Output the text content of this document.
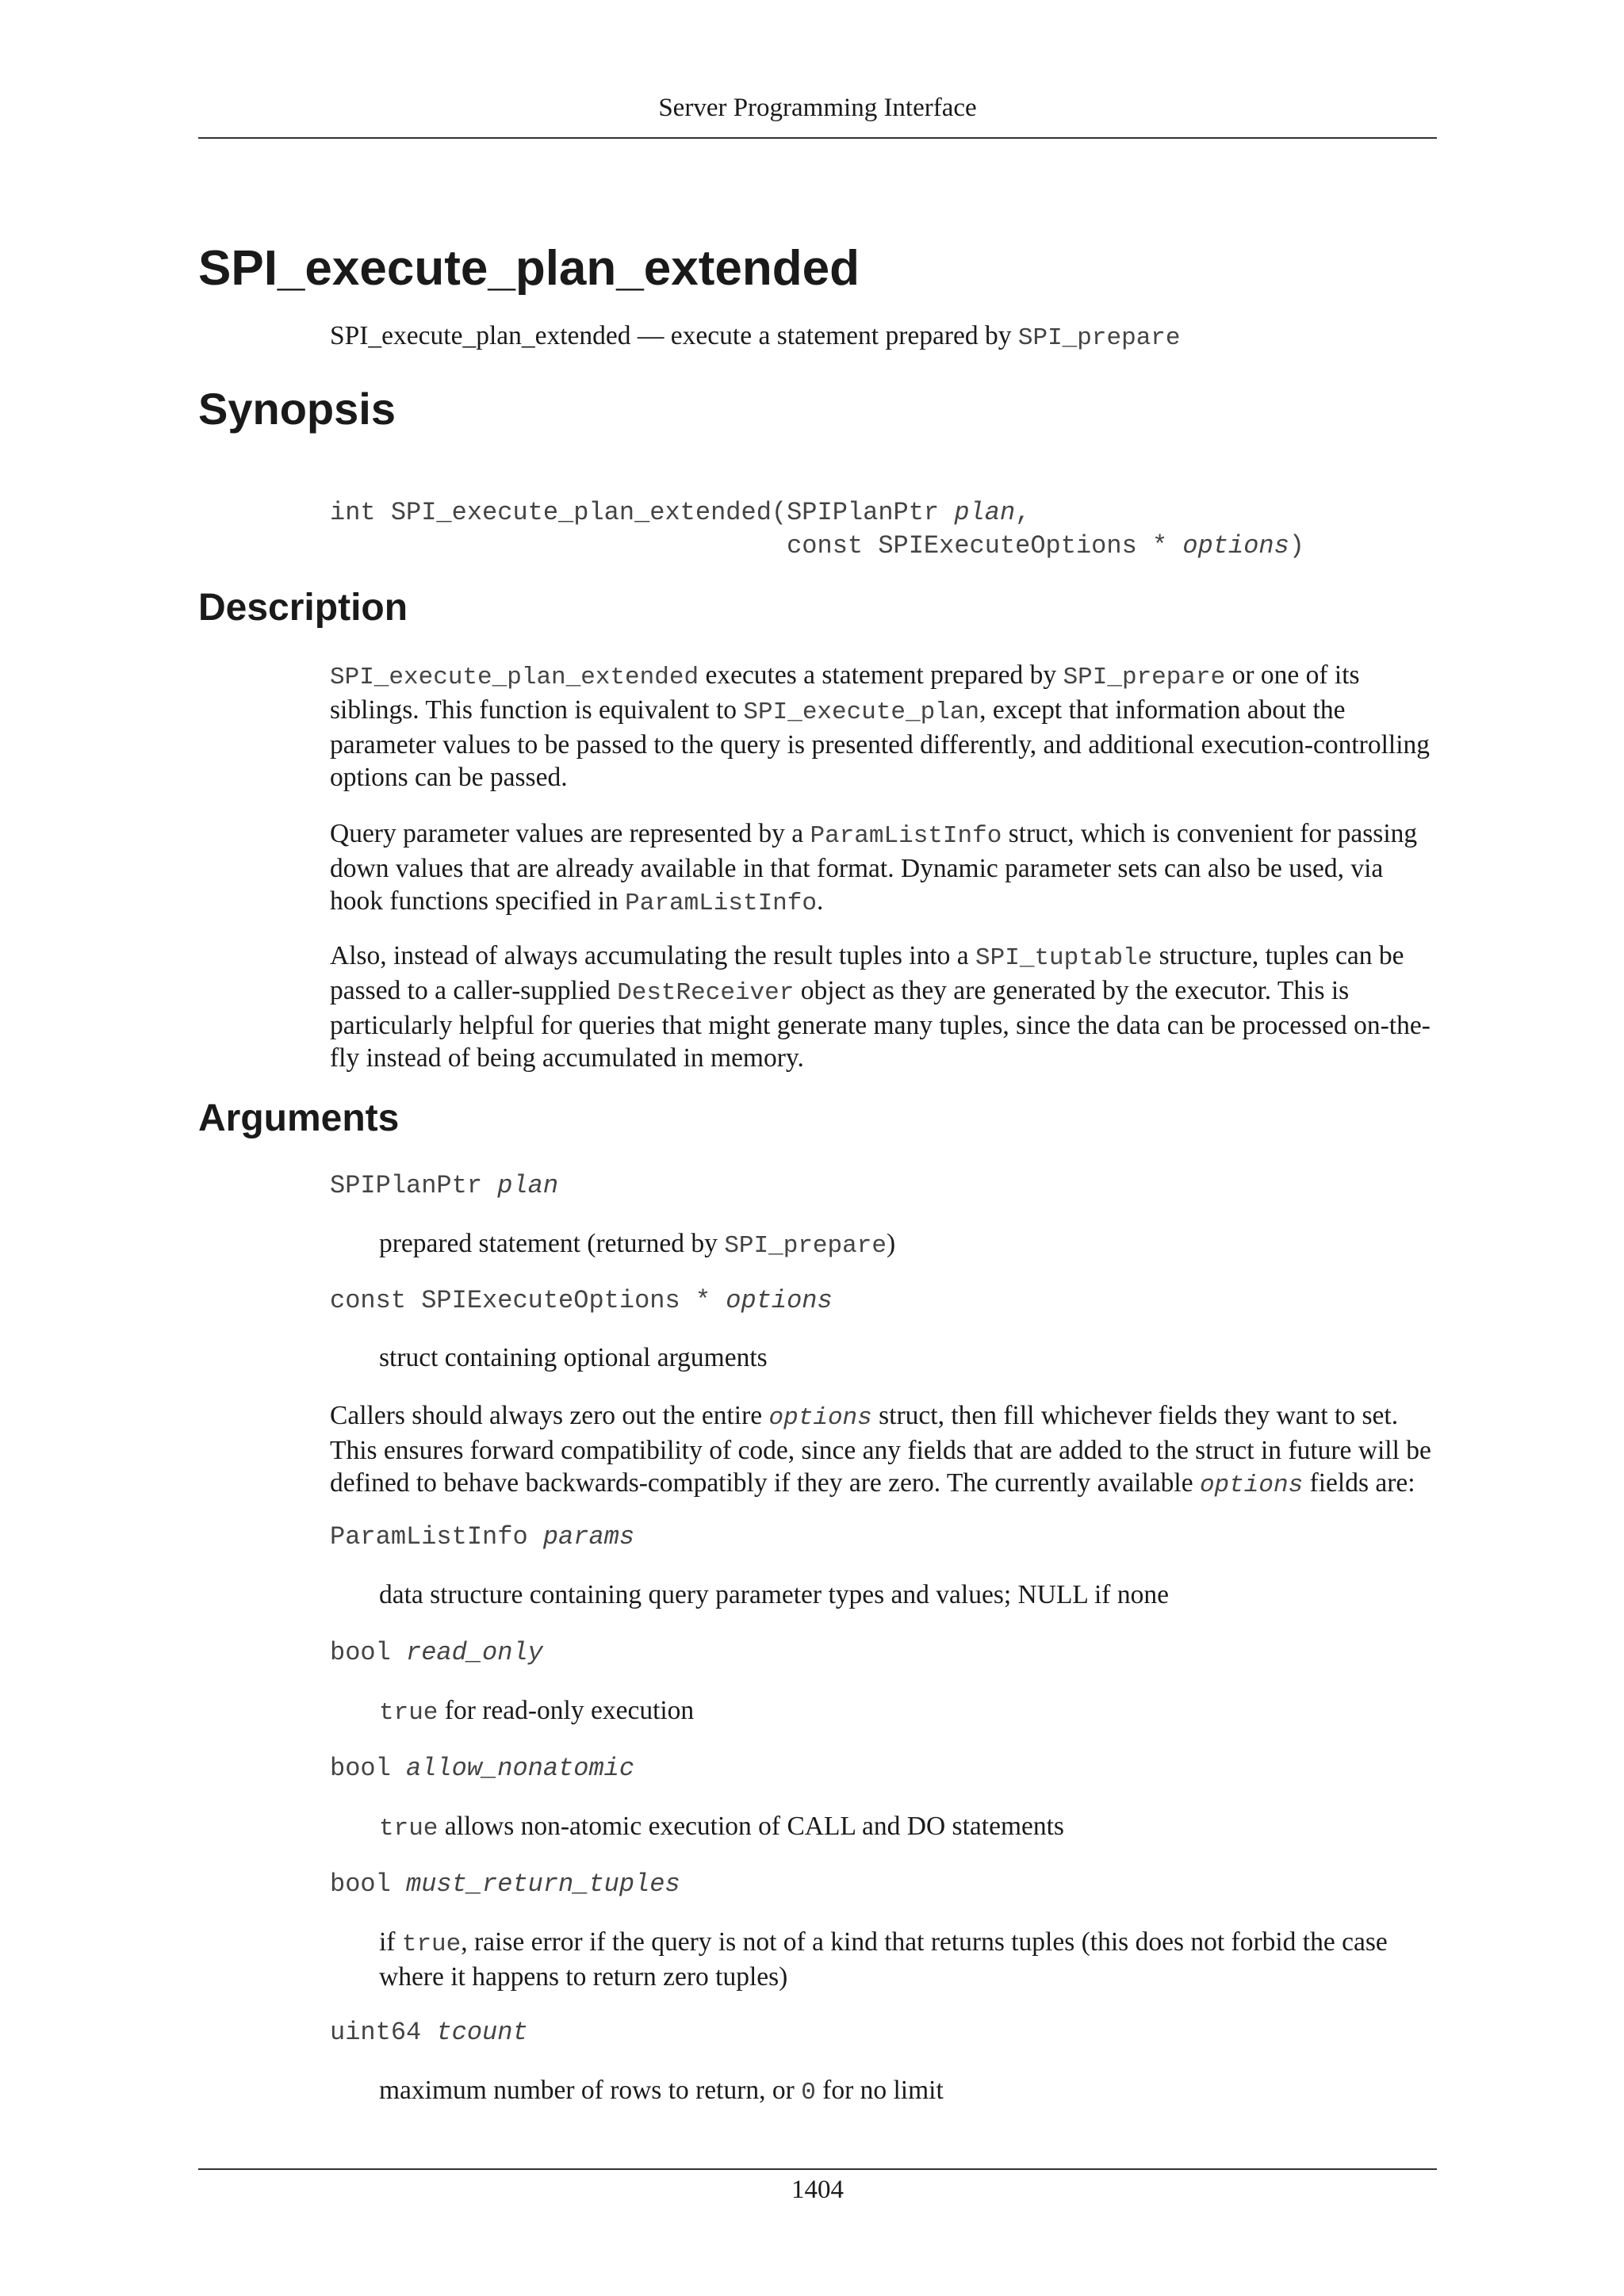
Server Programming Interface
SPI_execute_plan_extended
SPI_execute_plan_extended — execute a statement prepared by SPI_prepare
Synopsis
int SPI_execute_plan_extended(SPIPlanPtr plan,
const SPIExecuteOptions * options)
Description
SPI_execute_plan_extended executes a statement prepared by SPI_prepare or one of its siblings. This function is equivalent to SPI_execute_plan, except that information about the parameter values to be passed to the query is presented differently, and additional execution-controlling options can be passed.
Query parameter values are represented by a ParamListInfo struct, which is convenient for passing down values that are already available in that format. Dynamic parameter sets can also be used, via hook functions specified in ParamListInfo.
Also, instead of always accumulating the result tuples into a SPI_tuptable structure, tuples can be passed to a caller-supplied DestReceiver object as they are generated by the executor. This is particularly helpful for queries that might generate many tuples, since the data can be processed on-the-fly instead of being accumulated in memory.
Arguments
SPIPlanPtr plan
prepared statement (returned by SPI_prepare)
const SPIExecuteOptions * options
struct containing optional arguments
Callers should always zero out the entire options struct, then fill whichever fields they want to set. This ensures forward compatibility of code, since any fields that are added to the struct in future will be defined to behave backwards-compatibly if they are zero. The currently available options fields are:
ParamListInfo params
data structure containing query parameter types and values; NULL if none
bool read_only
true for read-only execution
bool allow_nonatomic
true allows non-atomic execution of CALL and DO statements
bool must_return_tuples
if true, raise error if the query is not of a kind that returns tuples (this does not forbid the case where it happens to return zero tuples)
uint64 tcount
maximum number of rows to return, or 0 for no limit
1404
